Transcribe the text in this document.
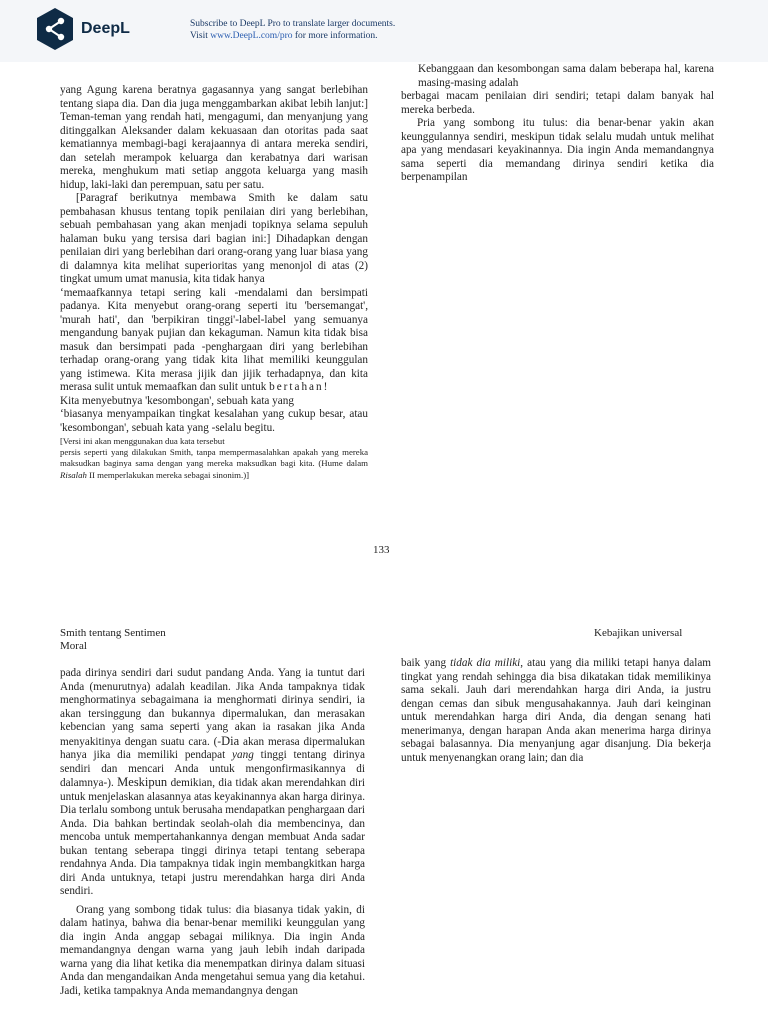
DeepL	Subscribe to DeepL Pro to translate larger documents.
Visit www.DeepL.com/pro for more information.

yang Agung karena beratnya gagasannya yang sangat berlebihan tentang siapa dia. Dan dia juga menggambarkan akibat lebih lanjut:] Teman-teman yang rendah hati, mengagumi, dan menyanjung yang ditinggalkan Aleksander dalam kekuasaan dan otoritas pada saat kematiannya membagi-bagi kerajaannya di antara mereka sendiri, dan setelah merampok keluarga dan kerabatnya dari warisan mereka, menghukum mati setiap anggota keluarga yang masih hidup, laki-laki dan perempuan, satu per satu.

[Paragraf berikutnya membawa Smith ke dalam satu pembahasan khusus tentang topik penilaian diri yang berlebihan, sebuah pembahasan yang akan menjadi topiknya selama sepuluh halaman buku yang tersisa dari bagian ini:] Dihadapkan dengan penilaian diri yang berlebihan dari orang-orang yang luar biasa yang di dalamnya kita melihat superioritas yang menonjol di atas (2) tingkat umum umat manusia, kita tidak hanya

‘memaafkannya tetapi sering kali -mendalami dan bersimpati padanya. Kita menyebut orang-orang seperti itu 'bersemangat', 'murah hati', dan 'berpikiran tinggi'-label-label yang semuanya mengandung banyak pujian dan kekaguman. Namun kita tidak bisa masuk dan bersimpati pada -penghargaan diri yang berlebihan terhadap orang-orang yang tidak kita lihat memiliki keunggulan yang istimewa. Kita merasa jijik dan jijik terhadapnya, dan kita merasa sulit untuk memaafkan dan sulit untuk bertahan!

Kita menyebutnya 'kesombongan', sebuah kata yang

‘biasanya menyampaikan tingkat kesalahan yang cukup besar, atau 'kesombongan', sebuah kata yang -selalu begitu.

[Versi ini akan menggunakan dua kata tersebut
persis seperti yang dilakukan Smith, tanpa mempermasalahkan apakah yang mereka maksudkan baginya sama dengan yang mereka maksudkan bagi kita. (Hume dalam Risalah II memperlakukan mereka sebagai sinonim.)]

Kebanggaan dan kesombongan sama dalam beberapa hal, karena masing-masing adalah

berbagai macam penilaian diri sendiri; tetapi dalam banyak hal mereka berbeda.

Pria yang sombong itu tulus: dia benar-benar yakin akan keunggulannya sendiri, meskipun tidak selalu mudah untuk melihat apa yang mendasari keyakinannya. Dia ingin Anda memandangnya sama seperti dia memandang dirinya sendiri ketika dia berpenampilan

133
Smith tentang Sentimen
Moral
Kebajikan universal

pada dirinya sendiri dari sudut pandang Anda. Yang ia tuntut dari Anda (menurutnya) adalah keadilan. Jika Anda tampaknya tidak menghormatinya sebagaimana ia menghormati dirinya sendiri, ia akan tersinggung dan bukannya dipermalukan, dan merasakan kebencian yang sama seperti yang akan ia rasakan jika Anda menyakitinya dengan suatu cara. (-Dia akan merasa dipermalukan hanya jika dia memiliki pendapat yang tinggi tentang dirinya sendiri dan mencari Anda untuk mengonfirmasikannya di dalamnya-). Meskipun demikian, dia tidak akan merendahkan diri untuk menjelaskan alasannya atas keyakinannya akan harga dirinya. Dia terlalu sombong untuk berusaha mendapatkan penghargaan dari Anda. Dia bahkan bertindak seolah-olah dia membencinya, dan mencoba untuk mempertahankannya dengan membuat Anda sadar bukan tentang seberapa tinggi dirinya tetapi tentang seberapa rendahnya Anda. Dia tampaknya tidak ingin membangkitkan harga diri Anda untuknya, tetapi justru merendahkan harga diri Anda sendiri.

Orang yang sombong tidak tulus: dia biasanya tidak yakin, di dalam hatinya, bahwa dia benar-benar memiliki keunggulan yang dia ingin Anda anggap sebagai miliknya. Dia ingin Anda memandangnya dengan warna yang jauh lebih indah daripada warna yang dia lihat ketika dia menempatkan dirinya dalam situasi Anda dan mengandaikan Anda mengetahui semua yang dia ketahui. Jadi, ketika tampaknya Anda memandangnya dengan

baik yang tidak dia miliki, atau yang dia miliki tetapi hanya dalam tingkat yang rendah sehingga dia bisa dikatakan tidak memilikinya sama sekali. Jauh dari merendahkan harga diri Anda, ia justru dengan cemas dan sibuk mengusahakannya. Jauh dari keinginan untuk merendahkan harga diri Anda, dia dengan senang hati menerimanya, dengan harapan Anda akan menerima harga dirinya sebagai balasannya. Dia menyanjung agar disanjung. Dia bekerja untuk menyenangkan orang lain; dan dia
